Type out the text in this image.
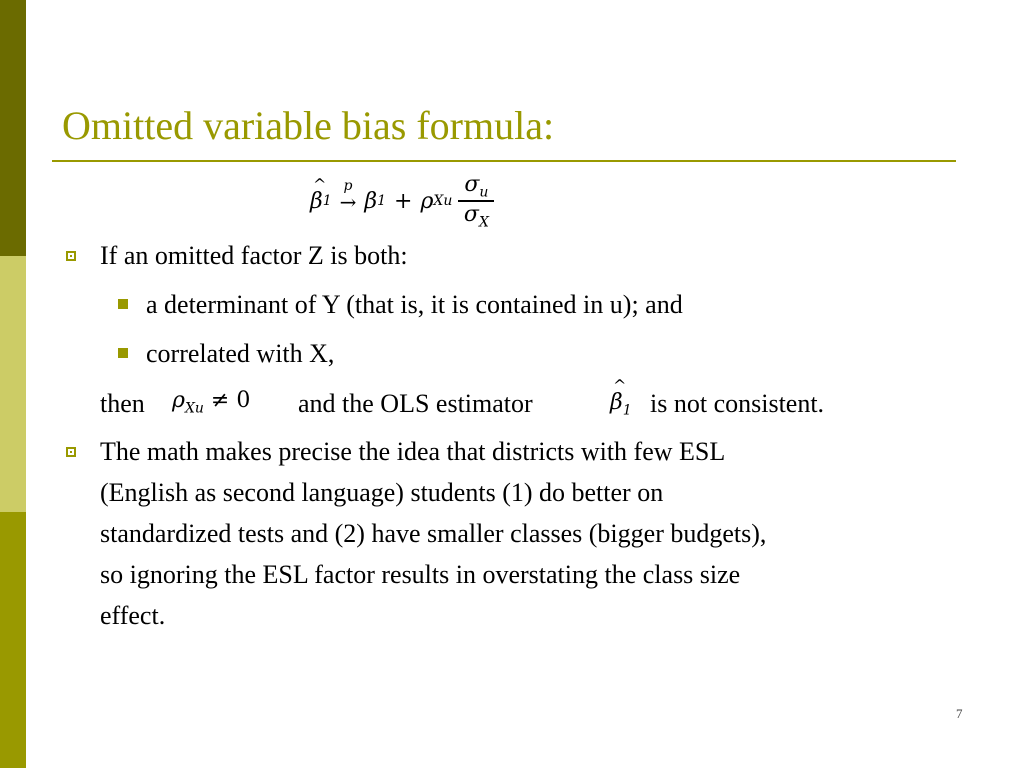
Omitted variable bias formula:
^ β 1
p
→ β 1 + ρ Xu $\frac{\sigma_u}{\sigma_X}$
If an omitted factor Z is both:
a determinant of Y (that is, it is contained in u); and
correlated with X,
then $\rho_{Xu} \ne 0$ and the OLS estimator
^	$\beta_1$ is not consistent.
The math makes precise the idea that districts with few ESL
(English as second language) students (1) do better on
standardized tests and (2) have smaller classes (bigger budgets),
so ignoring the ESL factor results in overstating the class size
effect.
7
